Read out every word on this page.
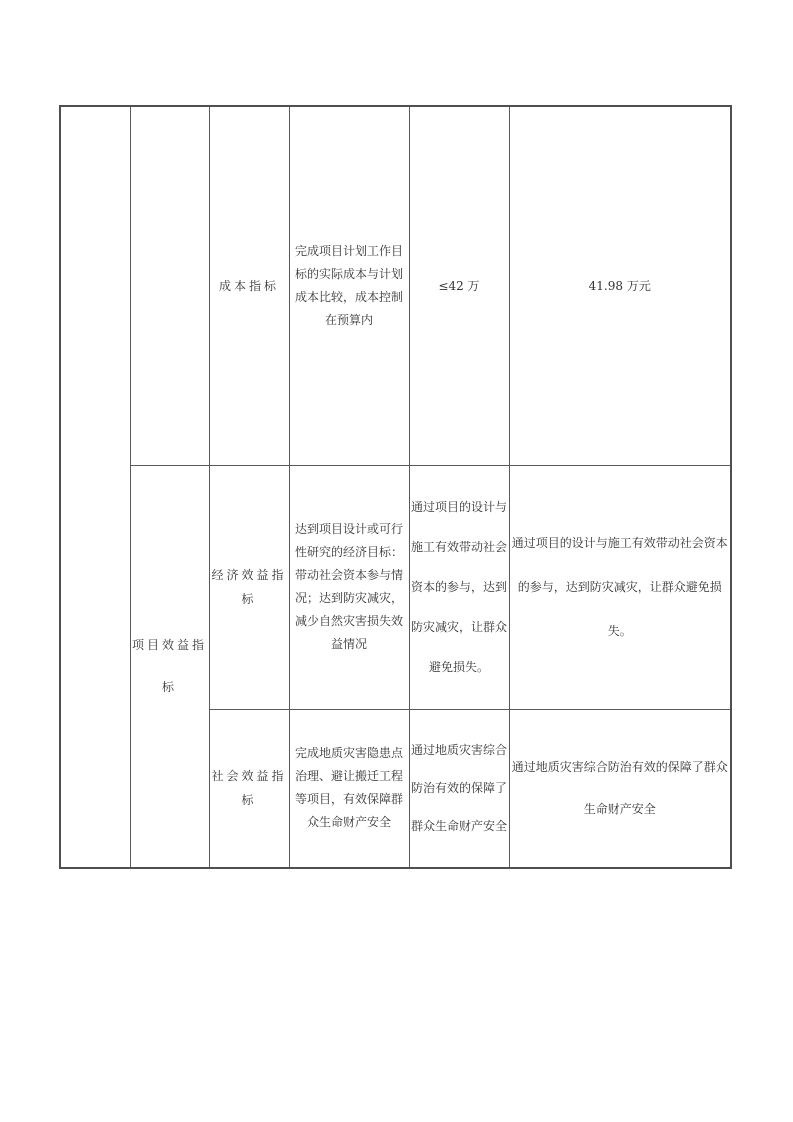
		成本指标	完成项目计划工作目标的实际成本与计划成本比较，成本控制在预算内	≤42 万	41.98 万元
	项目效益指标	经济效益指标	达到项目设计或可行性研究的经济目标：带动社会资本参与情况；达到防灾减灾，减少自然灾害损失效益情况	通过项目的设计与施工有效带动社会资本的参与，达到防灾减灾，让群众避免损失。	通过项目的设计与施工有效带动社会资本的参与，达到防灾减灾，让群众避免损失。
		社会效益指标	完成地质灾害隐患点治理、避让搬迁工程等项目，有效保障群众生命财产安全	通过地质灾害综合防治有效的保障了群众生命财产安全	通过地质灾害综合防治有效的保障了群众生命财产安全
